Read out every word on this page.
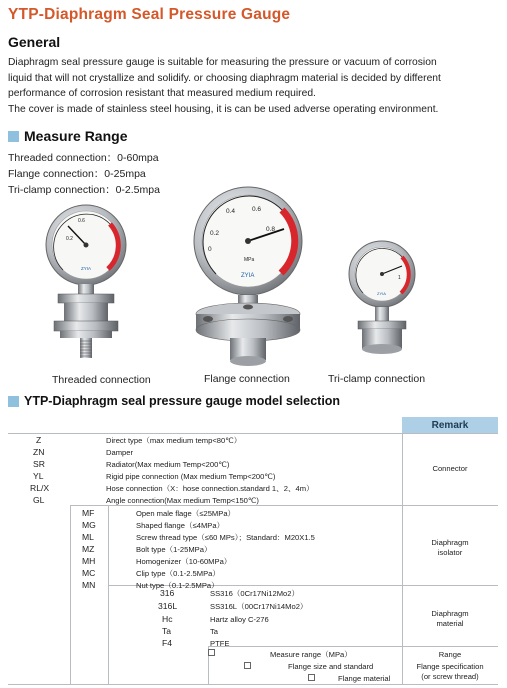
YTP-Diaphragm Seal Pressure Gauge
General

Diaphragm seal pressure gauge is suitable for measuring the pressure or vacuum of corrosion

liquid that will not crystallize and solidify. or choosing diaphragm material is decided by different

performance of corrosion resistant that measured medium required.

The cover is made of stainless steel housing, it is can be used adverse operating environment.

Measure Range
Threaded connection：0-60mpa
Flange connection：0-25mpa
Tri-clamp connection：0-2.5mpa
0.2
0.6
ZYIA
0
0.2
0.4	0.6
0.8
MPa
ZYIA	1
ZYIA
Threaded connection	Flange connection	Tri-clamp connection
YTP-Diaphragm seal pressure gauge model selection
Remark
Z	Direct type（max medium temp<80℃）
ZN	Damper
SR	Radiator(Max medium Temp<200℃)
YL	Rigid pipe connection (Max medium Temp<200℃)
RL/X	Hose connection（X：hose connection.standard 1、2、4m）
GL	Angle connection(Max medium Temp<150℃)
Connector
MF	Open male flage（≤25MPa）
MG	Shaped flange（≤4MPa）
ML	Screw thread type（≤60 MPs）；Standard：M20X1.5
MZ	Bolt type（1-25MPa）
MH	Homogenizer（10-60MPa）
MC	Clip type（0.1-2.5MPa）
MN	Nut type（0.1-2.5MPa）
Diaphragm
isolator
316	SS316（0Cr17Ni12Mo2）
316L	SS316L（00Cr17Ni14Mo2）
Hc	Hartz alloy C-276
Ta	Ta
F4	PTFE
Diaphragm
material
Measure range（MPa）	Range
Flange size and standard	Flange specification
Flange material	(or screw thread)
